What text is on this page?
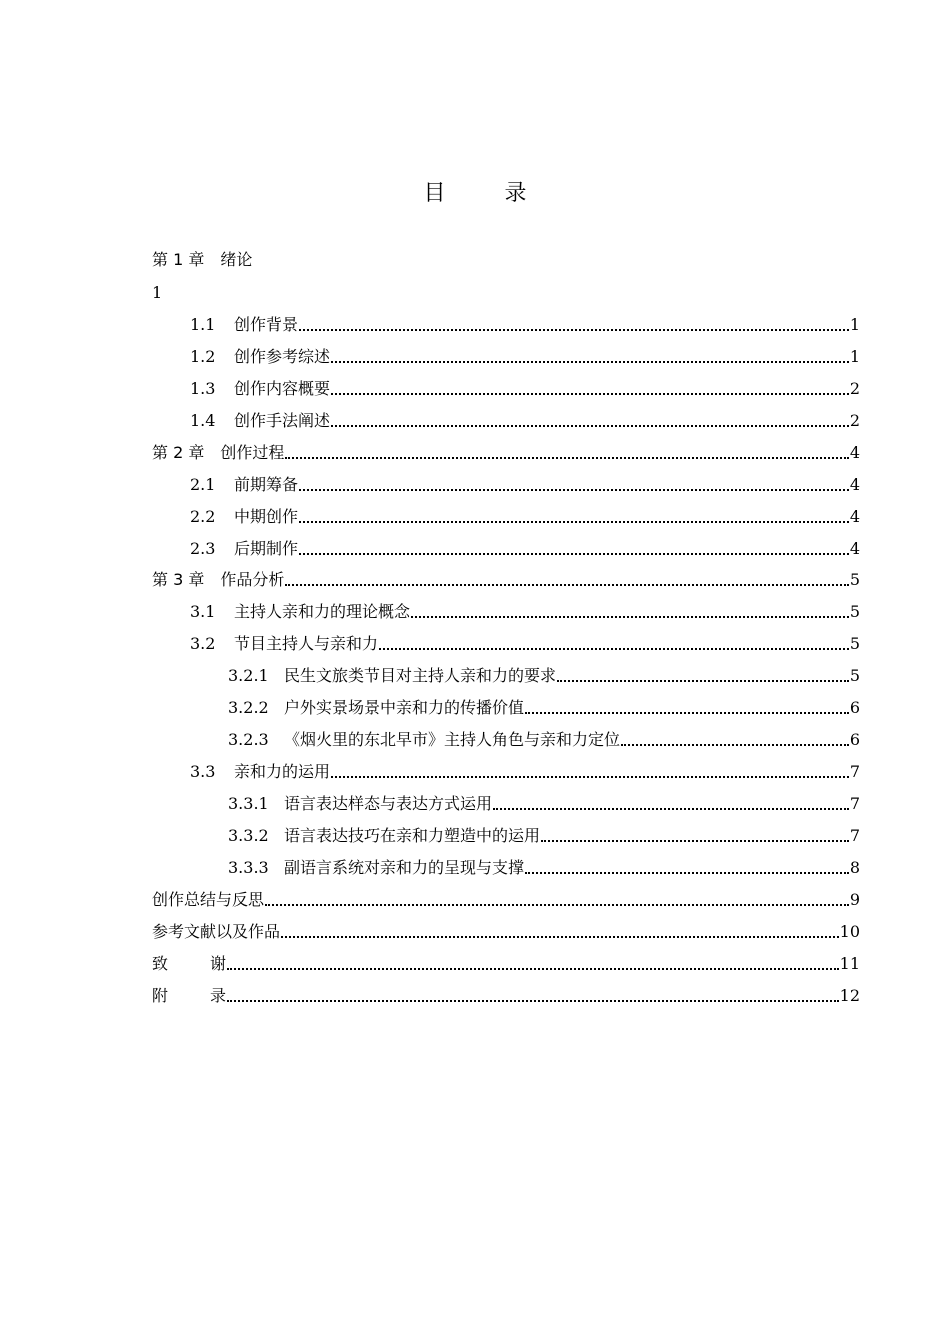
目	录
第 1 章 绪论
1
1.1 创作背景	1
1.2 创作参考综述	1
1.3 创作内容概要	2
1.4 创作手法阐述	2
第 2 章 创作过程	4
2.1 前期筹备	4
2.2 中期创作	4
2.3 后期制作	4
第 3 章 作品分析	5
3.1 主持人亲和力的理论概念	5
3.2 节目主持人与亲和力	5
3.2.1 民生文旅类节目对主持人亲和力的要求	5
3.2.2 户外实景场景中亲和力的传播价值	6
3.2.3 《烟火里的东北早市》主持人角色与亲和力定位	6
3.3 亲和力的运用	7
3.3.1 语言表达样态与表达方式运用	7
3.3.2 语言表达技巧在亲和力塑造中的运用	7
3.3.3 副语言系统对亲和力的呈现与支撑	8
创作总结与反思	9
参考文献以及作品	10
致	谢	11
附	录	12
